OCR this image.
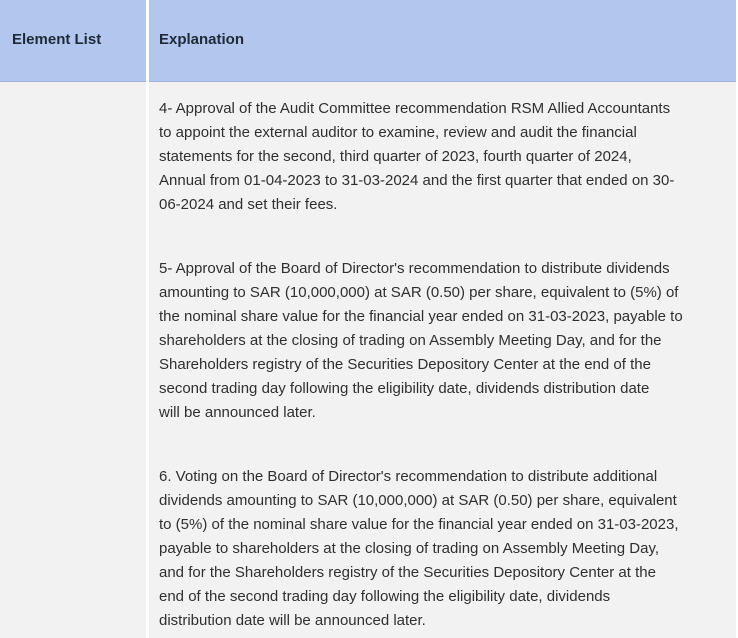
Element List	Explanation

4- Approval of the Audit Committee recommendation RSM Allied Accountants
to appoint the external auditor to examine, review and audit the financial
statements for the second, third quarter of 2023, fourth quarter of 2024,
Annual from 01-04-2023 to 31-03-2024 and the first quarter that ended on 30-
06-2024 and set their fees.

5- Approval of the Board of Director's recommendation to distribute dividends
amounting to SAR (10,000,000) at SAR (0.50) per share, equivalent to (5%) of
the nominal share value for the financial year ended on 31-03-2023, payable to
shareholders at the closing of trading on Assembly Meeting Day, and for the
Shareholders registry of the Securities Depository Center at the end of the
second trading day following the eligibility date, dividends distribution date
will be announced later.

6. Voting on the Board of Director's recommendation to distribute additional
dividends amounting to SAR (10,000,000) at SAR (0.50) per share, equivalent
to (5%) of the nominal share value for the financial year ended on 31-03-2023,
payable to shareholders at the closing of trading on Assembly Meeting Day,
and for the Shareholders registry of the Securities Depository Center at the
end of the second trading day following the eligibility date, dividends
distribution date will be announced later.
